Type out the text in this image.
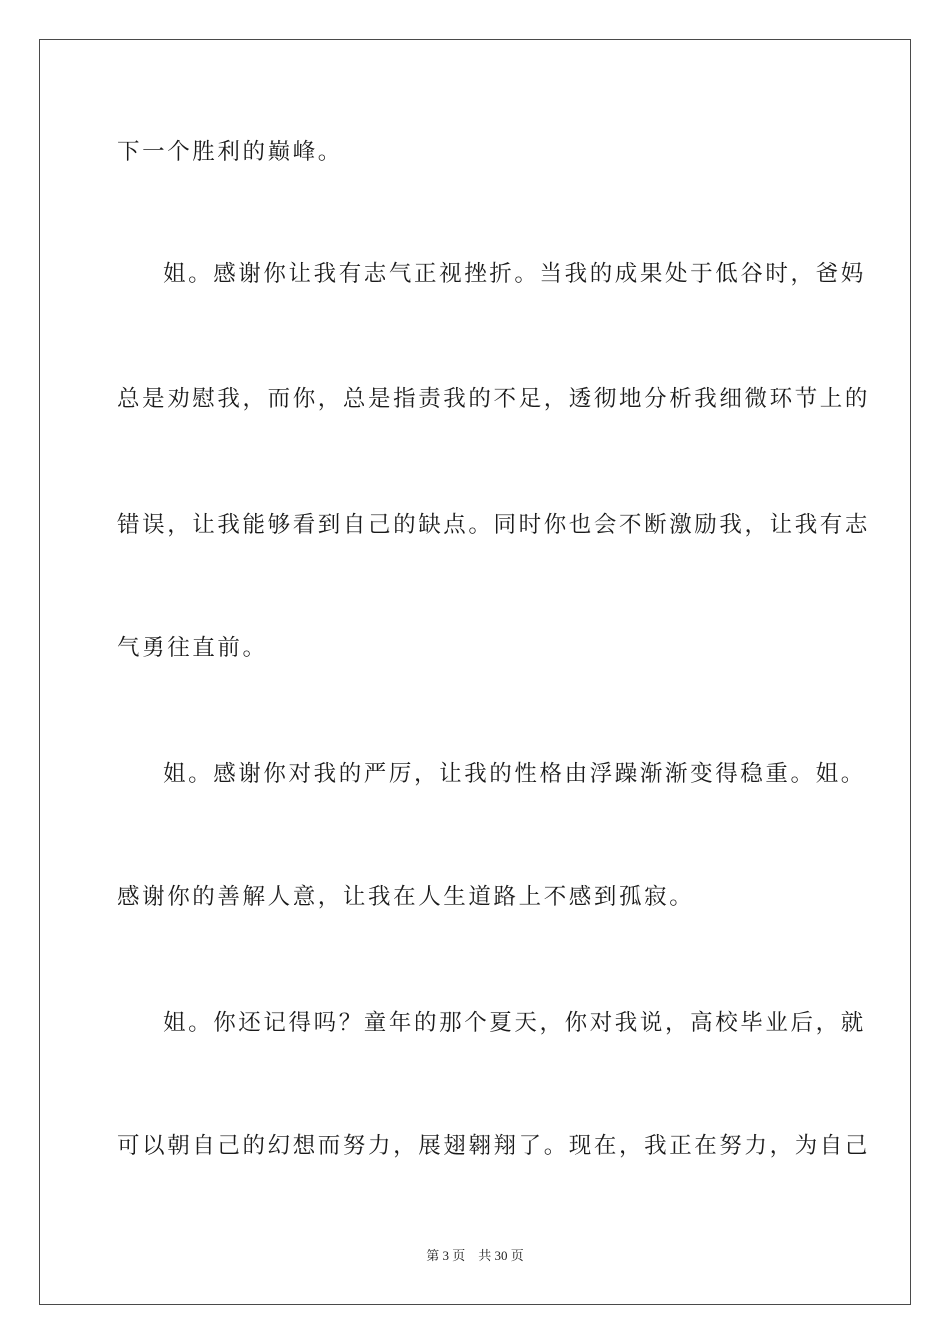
下一个胜利的巅峰。
姐。感谢你让我有志气正视挫折。当我的成果处于低谷时，爸妈
总是劝慰我，而你，总是指责我的不足，透彻地分析我细微环节上的
错误，让我能够看到自己的缺点。同时你也会不断激励我，让我有志
气勇往直前。
姐。感谢你对我的严厉，让我的性格由浮躁渐渐变得稳重。姐。
感谢你的善解人意，让我在人生道路上不感到孤寂。
姐。你还记得吗？童年的那个夏天，你对我说，高校毕业后，就
可以朝自己的幻想而努力，展翅翱翔了。现在，我正在努力，为自己
第 3 页 共 30 页
